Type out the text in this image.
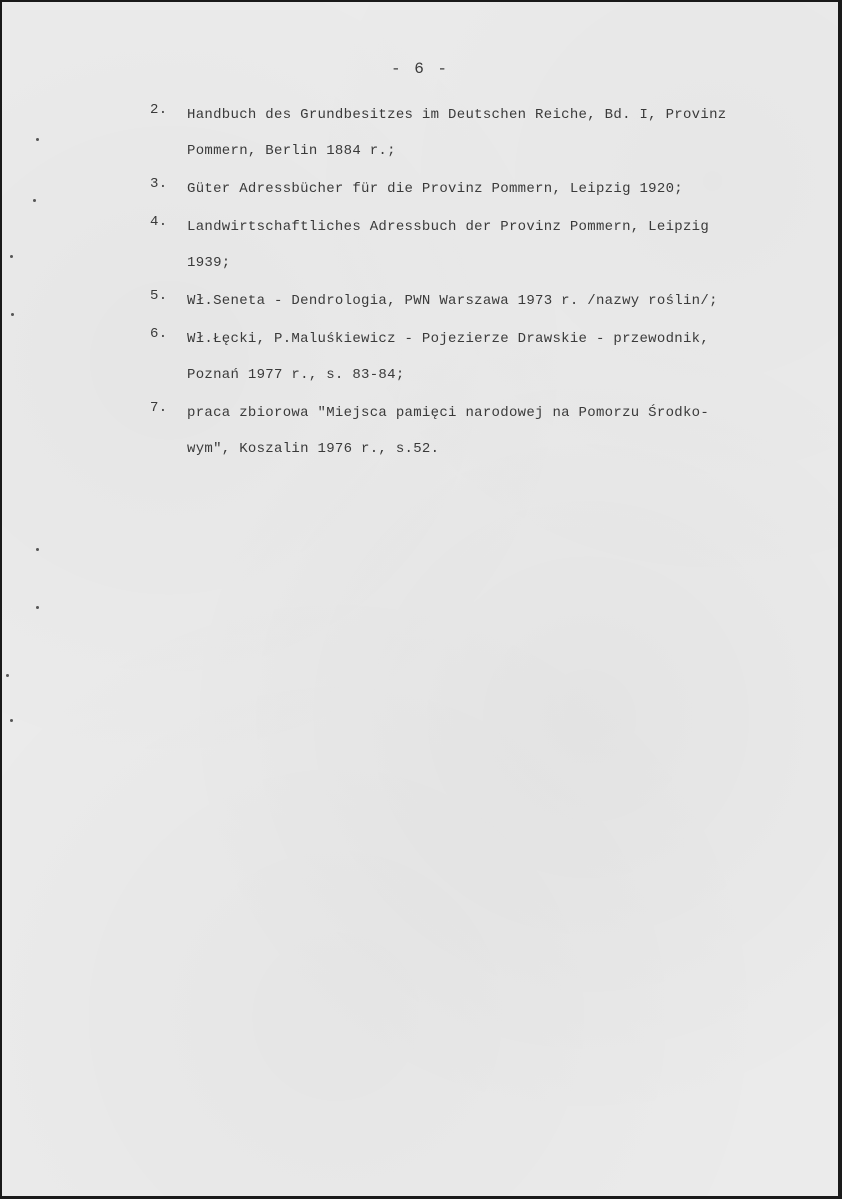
- 6 -
2. Handbuch des Grundbesitzes im Deutschen Reiche, Bd. I, Provinz
Pommern, Berlin 1884 r.;
3. Güter Adressbücher für die Provinz Pommern, Leipzig 1920;
4. Landwirtschaftliches Adressbuch der Provinz Pommern, Leipzig
1939;
5. Wł.Seneta - Dendrologia, PWN Warszawa 1973 r. /nazwy roślin/;
6. Wł.Łęcki, P.Maluśkiewicz - Pojezierze Drawskie - przewodnik,
Poznań 1977 r., s. 83-84;
7. praca zbiorowa "Miejsca pamięci narodowej na Pomorzu Środko-
wym", Koszalin 1976 r., s.52.
